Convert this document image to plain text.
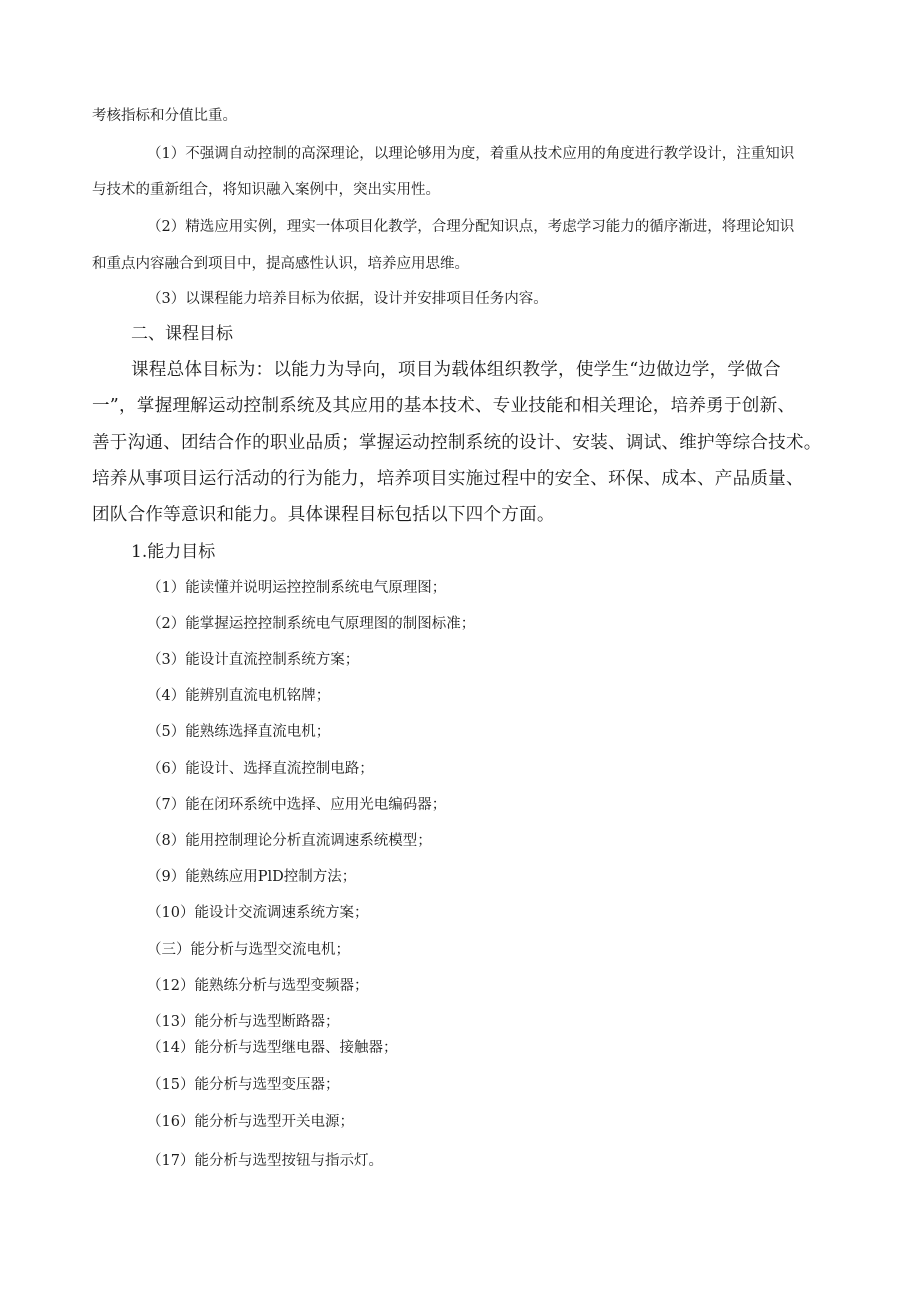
考核指标和分值比重。

（1）不强调自动控制的高深理论，以理论够用为度，着重从技术应用的角度进行教学设计，注重知识

与技术的重新组合，将知识融入案例中，突出实用性。

（2）精选应用实例，理实一体项目化教学，合理分配知识点，考虑学习能力的循序渐进，将理论知识

和重点内容融合到项目中，提高感性认识，培养应用思维。

（3）以课程能力培养目标为依据，设计并安排项目任务内容。

二、课程目标

课程总体目标为：以能力为导向，项目为载体组织教学，使学生“边做边学，学做合

一”，掌握理解运动控制系统及其应用的基本技术、专业技能和相关理论，培养勇于创新、

善于沟通、团结合作的职业品质；掌握运动控制系统的设计、安装、调试、维护等综合技术。

培养从事项目运行活动的行为能力，培养项目实施过程中的安全、环保、成本、产品质量、

团队合作等意识和能力。具体课程目标包括以下四个方面。

1.能力目标

（1）能读懂并说明运控控制系统电气原理图；

（2）能掌握运控控制系统电气原理图的制图标准；

（3）能设计直流控制系统方案；

（4）能辨别直流电机铭牌；

（5）能熟练选择直流电机；

（6）能设计、选择直流控制电路；

（7）能在闭环系统中选择、应用光电编码器；

（8）能用控制理论分析直流调速系统模型；

（9）能熟练应用PlD控制方法；

（10）能设计交流调速系统方案；

（三）能分析与选型交流电机；

（12）能熟练分析与选型变频器；

（13）能分析与选型断路器；

（14）能分析与选型继电器、接触器；

（15）能分析与选型变压器；

（16）能分析与选型开关电源；

（17）能分析与选型按钮与指示灯。
